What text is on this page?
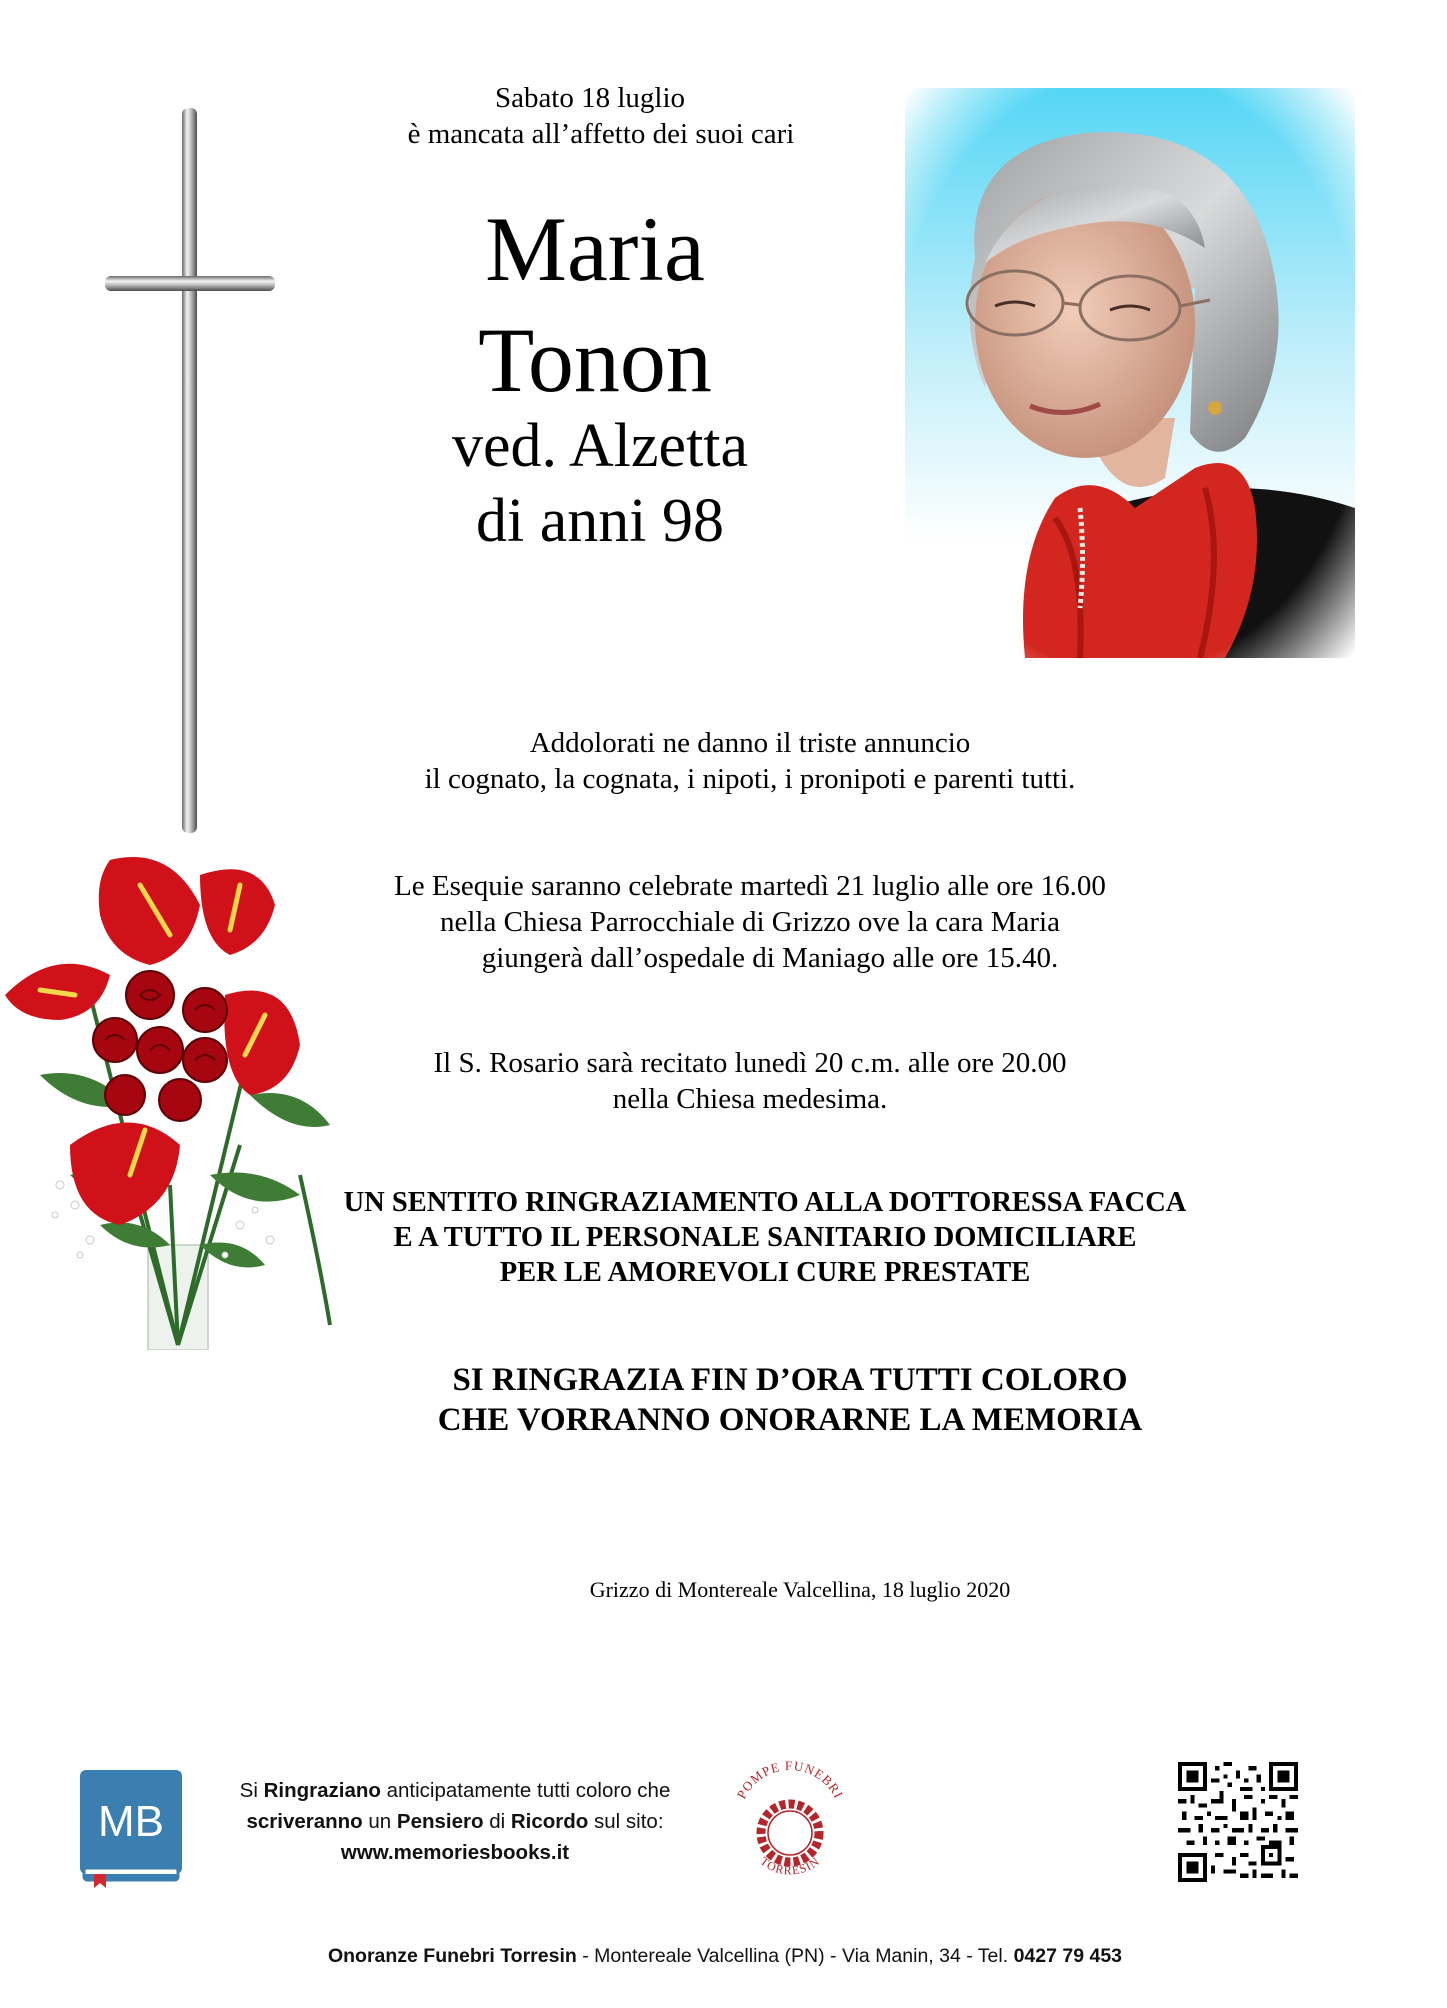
Sabato 18 luglio
è mancata all’affetto dei suoi cari
Maria
Tonon
ved. Alzetta
di anni 98
Addolorati ne danno il triste annuncio
il cognato, la cognata, i nipoti, i pronipoti e parenti tutti.
Le Esequie saranno celebrate martedì 21 luglio alle ore 16.00
nella Chiesa Parrocchiale di Grizzo ove la cara Maria
giungerà dall’ospedale di Maniago alle ore 15.40.
Il S. Rosario sarà recitato lunedì 20 c.m. alle ore 20.00
nella Chiesa medesima.
UN SENTITO RINGRAZIAMENTO ALLA DOTTORESSA FACCA
E A TUTTO IL PERSONALE SANITARIO DOMICILIARE
PER LE AMOREVOLI CURE PRESTATE
SI RINGRAZIA FIN D’ORA TUTTI COLORO
CHE VORRANNO ONORARNE LA MEMORIA
Grizzo di Montereale Valcellina, 18 luglio 2020
MB
Si Ringraziano anticipatamente tutti coloro che
scriveranno un Pensiero di Ricordo sul sito:
www.memoriesbooks.it
POMPE FUNEBRI
TORRESIN
Onoranze Funebri Torresin - Montereale Valcellina (PN) - Via Manin, 34 - Tel. 0427 79 453
